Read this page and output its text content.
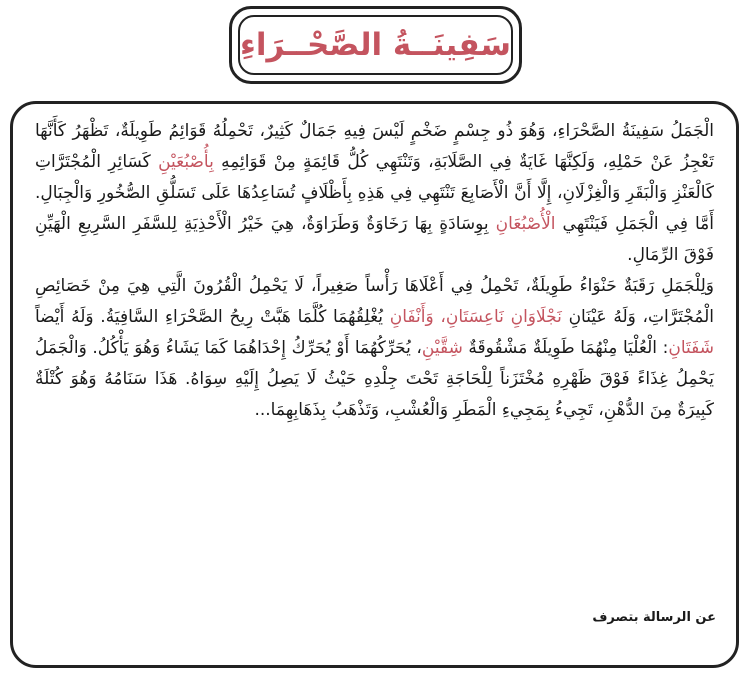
سَفِينَــةُ الصَّحْــرَاءِ

الْجَمَلُ سَفِينَةُ الصَّحْرَاءِ، وَهُوَ ذُو جِسْمٍ ضَخْمٍ لَيْسَ فِيهِ جَمَالٌ كَثِيرٌ، تَحْمِلُهُ قَوَائِمُ طَوِيلَةٌ، تَظْهَرُ كَأَنَّهَا تَعْجِزُ عَنْ حَمْلِهِ، وَلَكِنَّهَا غَايَةٌ فِي الصَّلَابَةِ، وَتَنْتَهِي كُلُّ قَائِمَةٍ مِنْ قَوَائِمِهِ بِأُصْبُعَيْنِ كَسَائِرِ الْمُجْتَرَّاتِ كَالْعَنْزِ وَالْبَقَرِ وَالْغِزْلَانِ، إِلَّا أَنَّ الْأَصَابِعَ تَنْتَهِي فِي هَذِهِ بِأَظْلَافٍ تُسَاعِدُهَا عَلَى تَسَلُّقِ الصُّخُورِ وَالْجِبَالِ. أَمَّا فِي الْجَمَلِ فَيَنْتَهِي الْأُصْبُعَانِ بِوِسَادَةٍ بِهَا رَخَاوَةٌ وَطَرَاوَةٌ، هِيَ خَيْرُ الْأَحْذِيَةِ لِلسَّفَرِ السَّرِيعِ الْهَيِّنِ فَوْقَ الرِّمَالِ.

وَلِلْجَمَلِ رَقَبَةٌ حَنْوَاءُ طَوِيلَةٌ، تَحْمِلُ فِي أَعْلَاهَا رَأْساً صَغِيراً، لَا يَحْمِلُ الْقُرُونَ الَّتِي هِيَ مِنْ خَصَائِصِ الْمُجْتَرَّاتِ، وَلَهُ عَيْنَانِ نَجْلَاوَانِ نَاعِسَتَانِ، وَأَنْفَانِ يُغْلِقُهُمَا كُلَّمَا هَبَّتْ رِيحُ الصَّحْرَاءِ السَّافِيَةُ. وَلَهُ أَيْضاً شَفَتَانِ: الْعُلْيَا مِنْهُمَا طَوِيلَةٌ مَشْقُوقَةٌ شِقَّيْنِ، يُحَرِّكُهُمَا أَوْ يُحَرِّكُ إِحْدَاهُمَا كَمَا يَشَاءُ وَهُوَ يَأْكُلُ. وَالْجَمَلُ يَحْمِلُ غِذَاءً فَوْقَ ظَهْرِهِ مُخْتَزَناً لِلْحَاجَةِ تَحْتَ جِلْدِهِ حَيْثُ لَا يَصِلُ إِلَيْهِ سِوَاهُ. هَذَا سَنَامُهُ وَهُوَ كُتْلَةٌ كَبِيرَةٌ مِنَ الدُّهْنِ، تَجِيءُ بِمَجِيءِ الْمَطَرِ وَالْعُشْبِ، وَتَذْهَبُ بِذَهَابِهِمَا...

عن الرسالة بتصرف
